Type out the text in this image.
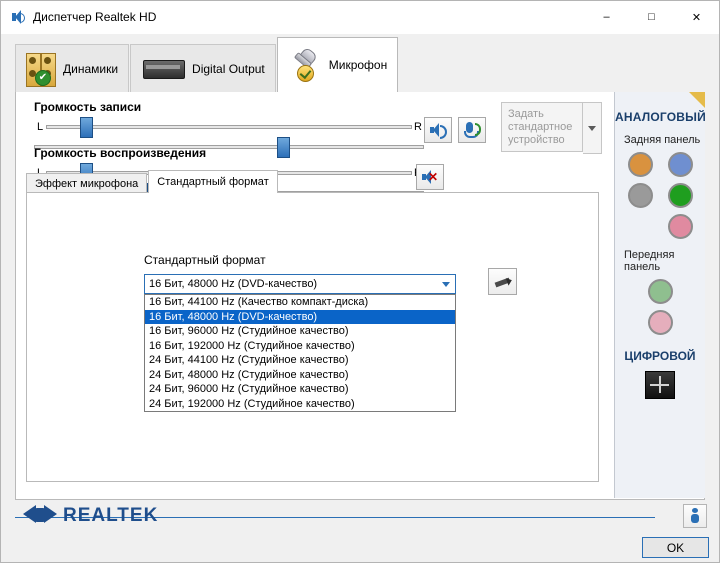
Диспетчер Realtek HD	–	□	✕
✔
Динамики	Digital Output	Микрофон
Громкость записи
L	R
Громкость воспроизведения
✕
Задать стандартное устройство
Эффект микрофона	Стандартный формат
Стандартный формат
16 Бит, 48000 Hz (DVD-качество)
16 Бит, 44100 Hz (Качество компакт-диска)
16 Бит, 48000 Hz (DVD-качество)
16 Бит, 96000 Hz (Студийное качество)
16 Бит, 192000 Hz (Студийное качество)
24 Бит, 44100 Hz (Студийное качество)
24 Бит, 48000 Hz (Студийное качество)
24 Бит, 96000 Hz (Студийное качество)
24 Бит, 192000 Hz (Студийное качество)
АНАЛОГОВЫЙ
Задняя панель
Передняя панель
ЦИФРОВОЙ
REALTEK
OK
